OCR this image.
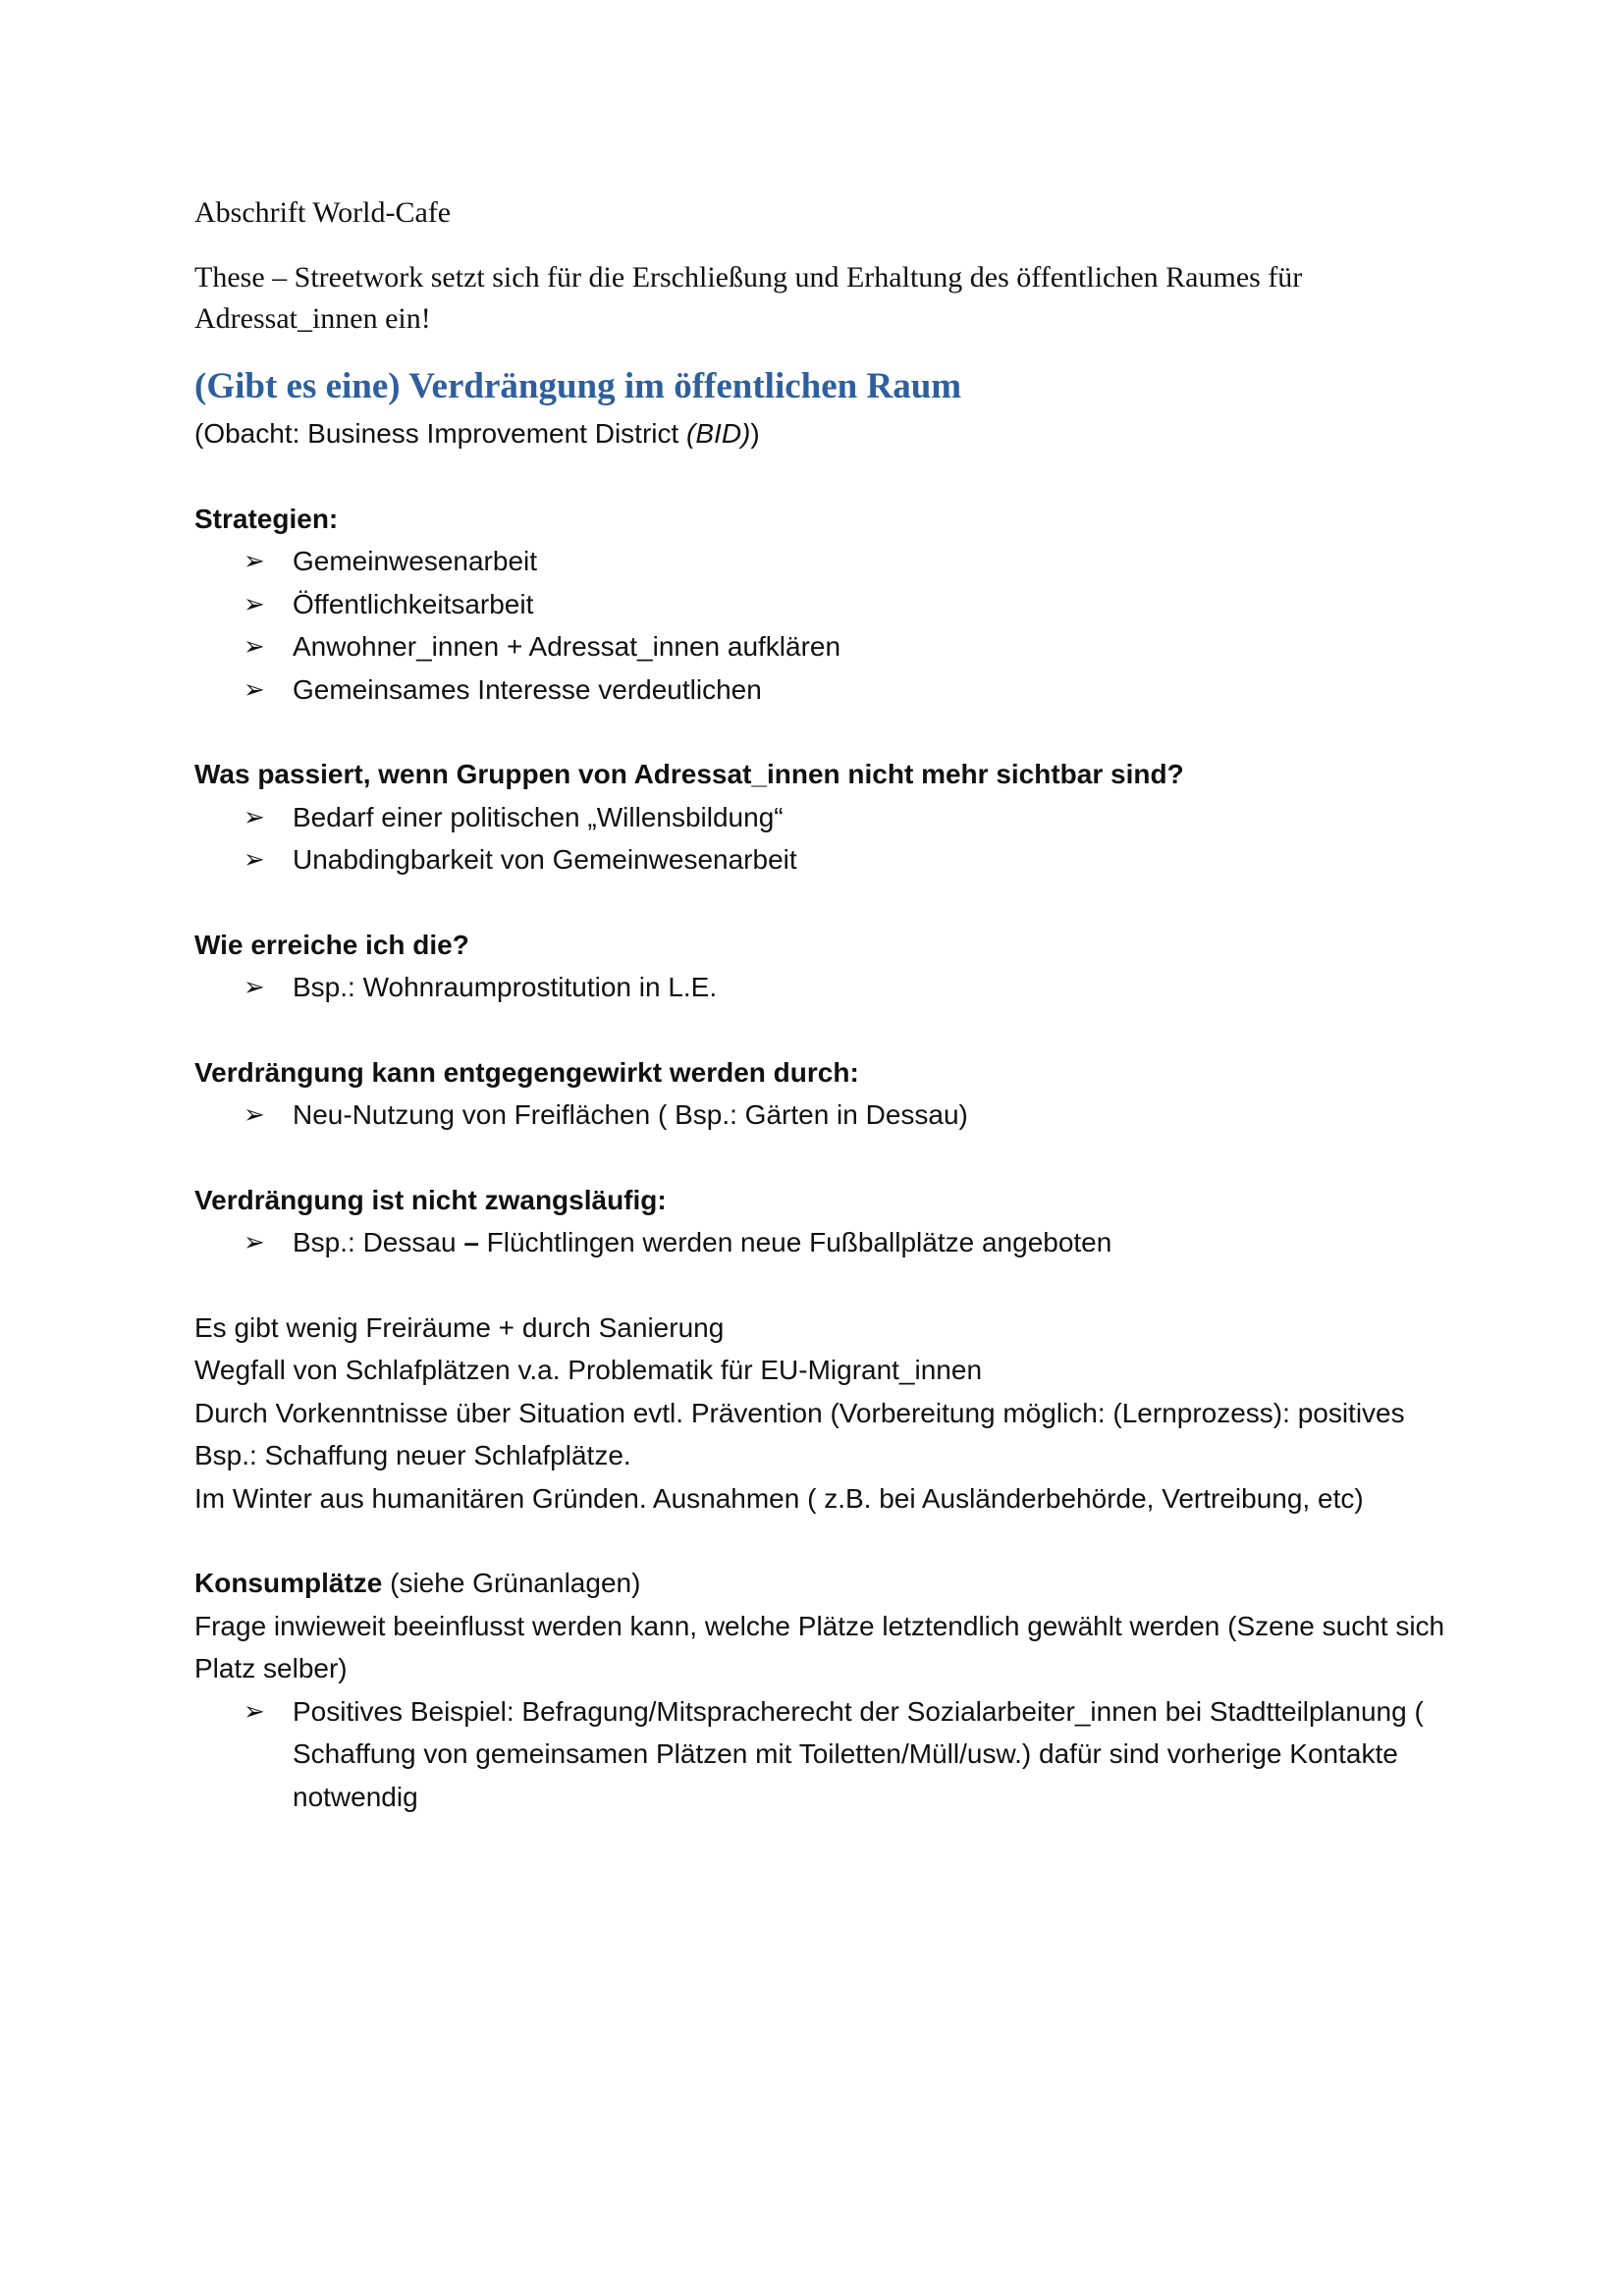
Abschrift World-Cafe

These – Streetwork setzt sich für die Erschließung und Erhaltung des öffentlichen Raumes für Adressat_innen ein!

(Gibt es eine) Verdrängung im öffentlichen Raum

(Obacht: Business Improvement District (BID))

Strategien:

➢ Gemeinwesenarbeit
➢ Öffentlichkeitsarbeit
➢ Anwohner_innen + Adressat_innen aufklären
➢ Gemeinsames Interesse verdeutlichen

Was passiert, wenn Gruppen von Adressat_innen nicht mehr sichtbar sind?

➢ Bedarf einer politischen „Willensbildung“
➢ Unabdingbarkeit von Gemeinwesenarbeit

Wie erreiche ich die?

➢ Bsp.: Wohnraumprostitution in L.E.

Verdrängung kann entgegengewirkt werden durch:

➢ Neu-Nutzung von Freiflächen ( Bsp.: Gärten in Dessau)

Verdrängung ist nicht zwangsläufig:

➢ Bsp.: Dessau – Flüchtlingen werden neue Fußballplätze angeboten

Es gibt wenig Freiräume + durch Sanierung

Wegfall von Schlafplätzen v.a. Problematik für EU-Migrant_innen

Durch Vorkenntnisse über Situation evtl. Prävention (Vorbereitung möglich: (Lernprozess): positives Bsp.: Schaffung neuer Schlafplätze.

Im Winter aus humanitären Gründen. Ausnahmen ( z.B. bei Ausländerbehörde, Vertreibung, etc)

Konsumplätze (siehe Grünanlagen)

Frage inwieweit beeinflusst werden kann, welche Plätze letztendlich gewählt werden (Szene sucht sich Platz selber)

➢ Positives Beispiel: Befragung/Mitspracherecht der Sozialarbeiter_innen bei Stadtteilplanung ( Schaffung von gemeinsamen Plätzen mit Toiletten/Müll/usw.) dafür sind vorherige Kontakte notwendig
